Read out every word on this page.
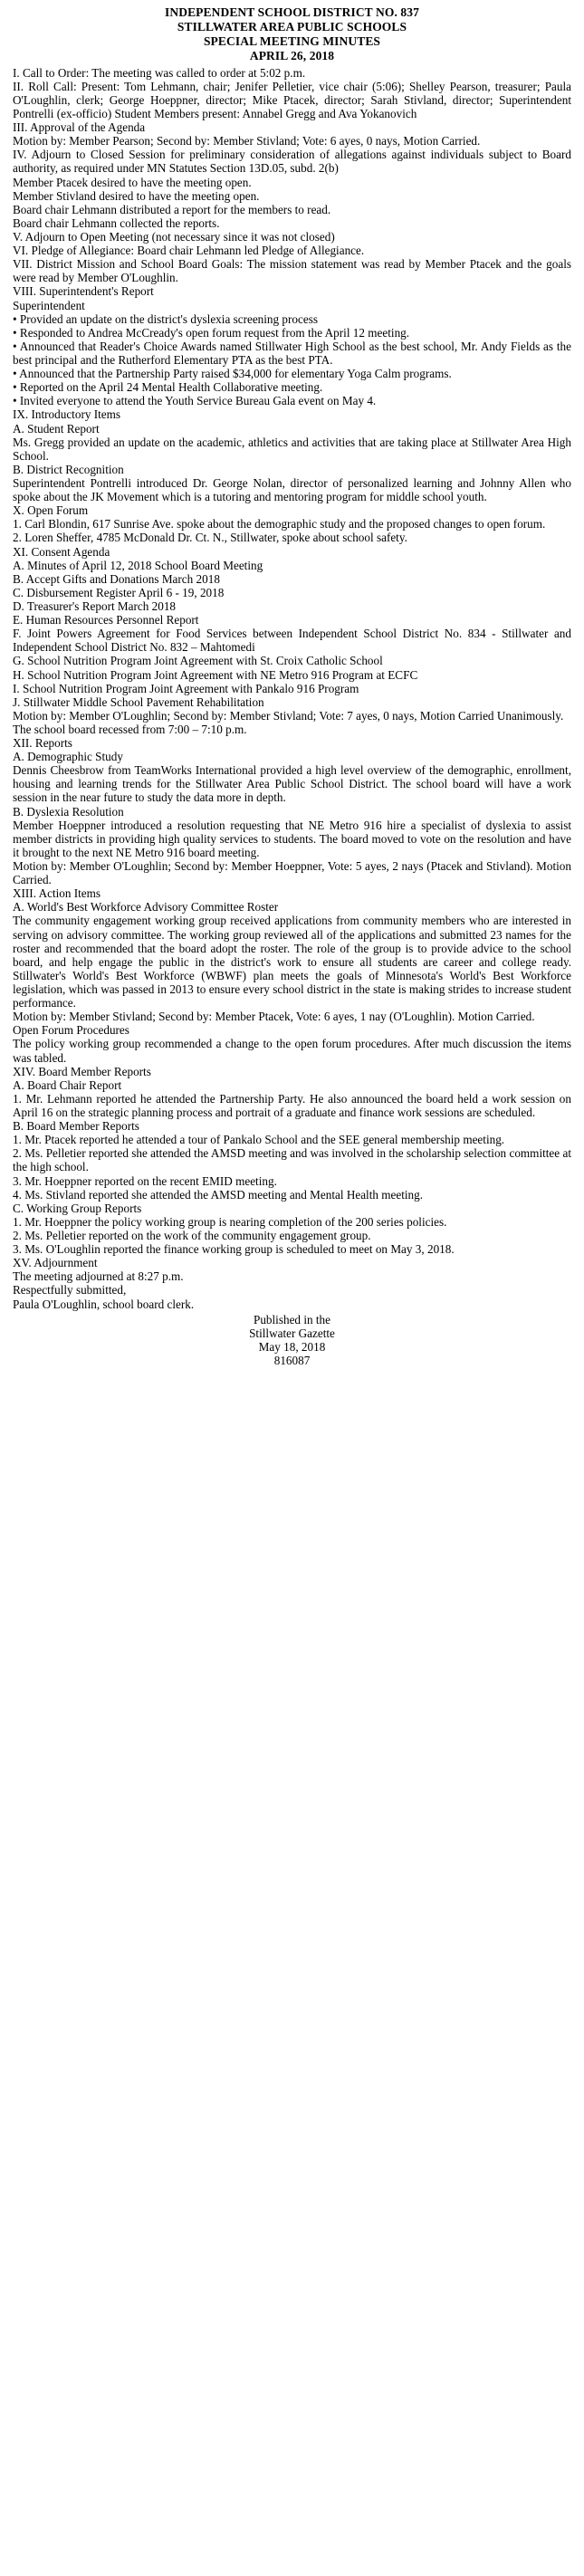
INDEPENDENT SCHOOL DISTRICT NO. 837
STILLWATER AREA PUBLIC SCHOOLS
SPECIAL MEETING MINUTES
APRIL 26, 2018

I. Call to Order: The meeting was called to order at 5:02 p.m.

II. Roll Call: Present: Tom Lehmann, chair; Jenifer Pelletier, vice chair (5:06); Shelley Pearson, treasurer; Paula O'Loughlin, clerk; George Hoeppner, director; Mike Ptacek, director; Sarah Stivland, director; Superintendent Pontrelli (ex-officio) Student Members present: Annabel Gregg and Ava Yokanovich

III. Approval of the Agenda

Motion by: Member Pearson; Second by: Member Stivland; Vote: 6 ayes, 0 nays, Motion Carried.

IV. Adjourn to Closed Session for preliminary consideration of allegations against individuals subject to Board authority, as required under MN Statutes Section 13D.05, subd. 2(b)

Member Ptacek desired to have the meeting open.

Member Stivland desired to have the meeting open.

Board chair Lehmann distributed a report for the members to read.

Board chair Lehmann collected the reports.

V. Adjourn to Open Meeting (not necessary since it was not closed)

VI. Pledge of Allegiance: Board chair Lehmann led Pledge of Allegiance.

VII. District Mission and School Board Goals: The mission statement was read by Member Ptacek and the goals were read by Member O'Loughlin.

VIII. Superintendent's Report

Superintendent

• Provided an update on the district's dyslexia screening process

• Responded to Andrea McCready's open forum request from the April 12 meeting.

• Announced that Reader's Choice Awards named Stillwater High School as the best school, Mr. Andy Fields as the best principal and the Rutherford Elementary PTA as the best PTA.

• Announced that the Partnership Party raised $34,000 for elementary Yoga Calm programs.

• Reported on the April 24 Mental Health Collaborative meeting.

• Invited everyone to attend the Youth Service Bureau Gala event on May 4.

IX. Introductory Items

A. Student Report

Ms. Gregg provided an update on the academic, athletics and activities that are taking place at Stillwater Area High School.

B. District Recognition

Superintendent Pontrelli introduced Dr. George Nolan, director of personalized learning and Johnny Allen who spoke about the JK Movement which is a tutoring and mentoring program for middle school youth.

X. Open Forum

1. Carl Blondin, 617 Sunrise Ave. spoke about the demographic study and the proposed changes to open forum.

2. Loren Sheffer, 4785 McDonald Dr. Ct. N., Stillwater, spoke about school safety.

XI. Consent Agenda

A. Minutes of April 12, 2018 School Board Meeting

B. Accept Gifts and Donations March 2018

C. Disbursement Register April 6 - 19, 2018

D. Treasurer's Report March 2018

E. Human Resources Personnel Report

F. Joint Powers Agreement for Food Services between Independent School District No. 834 - Stillwater and Independent School District No. 832 – Mahtomedi

G. School Nutrition Program Joint Agreement with St. Croix Catholic School

H. School Nutrition Program Joint Agreement with NE Metro 916 Program at ECFC

I. School Nutrition Program Joint Agreement with Pankalo 916 Program

J. Stillwater Middle School Pavement Rehabilitation

Motion by: Member O'Loughlin; Second by: Member Stivland; Vote: 7 ayes, 0 nays, Motion Carried Unanimously.

The school board recessed from 7:00 – 7:10 p.m.

XII. Reports

A. Demographic Study

Dennis Cheesbrow from TeamWorks International provided a high level overview of the demographic, enrollment, housing and learning trends for the Stillwater Area Public School District. The school board will have a work session in the near future to study the data more in depth.

B. Dyslexia Resolution

Member Hoeppner introduced a resolution requesting that NE Metro 916 hire a specialist of dyslexia to assist member districts in providing high quality services to students. The board moved to vote on the resolution and have it brought to the next NE Metro 916 board meeting.

Motion by: Member O'Loughlin; Second by: Member Hoeppner, Vote: 5 ayes, 2 nays (Ptacek and Stivland). Motion Carried.

XIII. Action Items

A. World's Best Workforce Advisory Committee Roster

The community engagement working group received applications from community members who are interested in serving on advisory committee. The working group reviewed all of the applications and submitted 23 names for the roster and recommended that the board adopt the roster. The role of the group is to provide advice to the school board, and help engage the public in the district's work to ensure all students are career and college ready. Stillwater's World's Best Workforce (WBWF) plan meets the goals of Minnesota's World's Best Workforce legislation, which was passed in 2013 to ensure every school district in the state is making strides to increase student performance.

Motion by: Member Stivland; Second by: Member Ptacek, Vote: 6 ayes, 1 nay (O'Loughlin). Motion Carried.

Open Forum Procedures

The policy working group recommended a change to the open forum procedures. After much discussion the items was tabled.

XIV. Board Member Reports

A. Board Chair Report

1. Mr. Lehmann reported he attended the Partnership Party. He also announced the board held a work session on April 16 on the strategic planning process and portrait of a graduate and finance work sessions are scheduled.

B. Board Member Reports

1. Mr. Ptacek reported he attended a tour of Pankalo School and the SEE general membership meeting.

2. Ms. Pelletier reported she attended the AMSD meeting and was involved in the scholarship selection committee at the high school.

3. Mr. Hoeppner reported on the recent EMID meeting.

4. Ms. Stivland reported she attended the AMSD meeting and Mental Health meeting.

C. Working Group Reports

1. Mr. Hoeppner the policy working group is nearing completion of the 200 series policies.

2. Ms. Pelletier reported on the work of the community engagement group.

3. Ms. O'Loughlin reported the finance working group is scheduled to meet on May 3, 2018.

XV. Adjournment

The meeting adjourned at 8:27 p.m.

Respectfully submitted,

Paula O'Loughlin, school board clerk.

Published in the
Stillwater Gazette
May 18, 2018
816087
